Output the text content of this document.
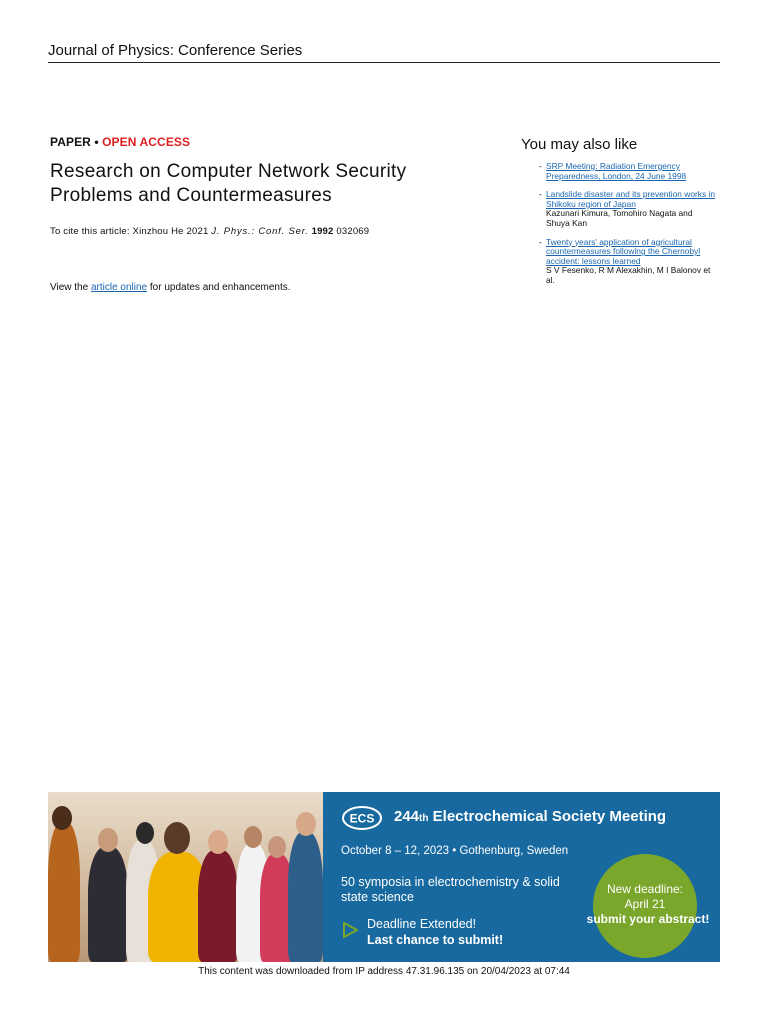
Journal of Physics: Conference Series
PAPER • OPEN ACCESS
Research on Computer Network Security Problems and Countermeasures
To cite this article: Xinzhou He 2021 J. Phys.: Conf. Ser. 1992 032069
View the article online for updates and enhancements.
You may also like
- SRP Meeting: Radiation Emergency Preparedness, London, 24 June 1998
- Landslide disaster and its prevention works in Shikoku region of Japan
Kazunari Kimura, Tomohiro Nagata and Shuya Kan
- Twenty years' application of agricultural countermeasures following the Chernobyl accident: lessons learned
S V Fesenko, R M Alexakhin, M I Balonov et al.
ECS 244th Electrochemical Society Meeting
October 8 – 12, 2023 • Gothenburg, Sweden
50 symposia in electrochemistry & solid state science
Deadline Extended!
Last chance to submit!
New deadline:
April 21
submit your abstract!
This content was downloaded from IP address 47.31.96.135 on 20/04/2023 at 07:44
